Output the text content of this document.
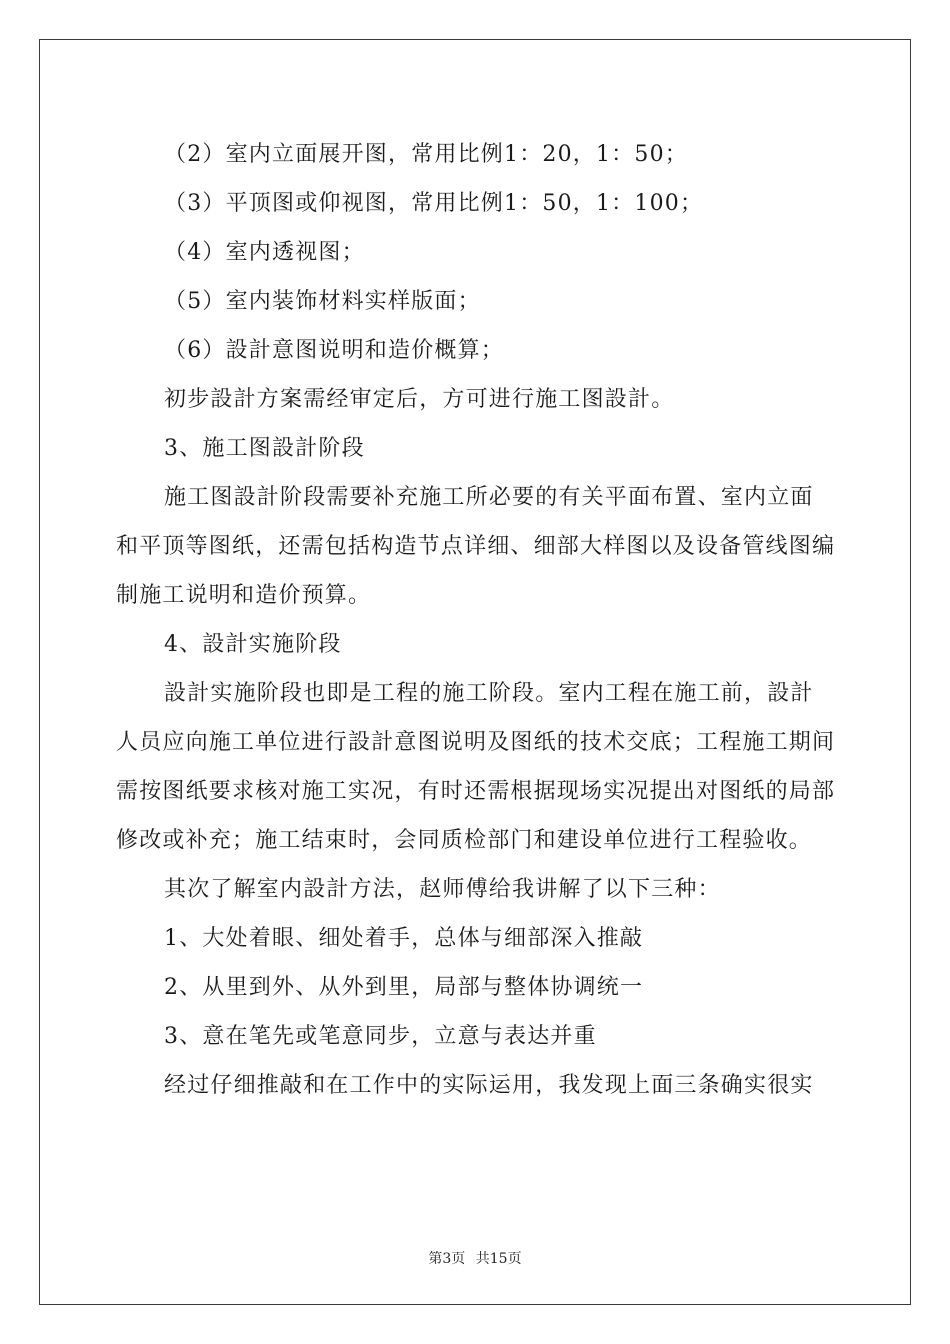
（2）室内立面展开图，常用比例1：20，1：50；

（3）平顶图或仰视图，常用比例1：50，1：100；

（4）室内透视图；

（5）室内装饰材料实样版面；

（6）設計意图说明和造价概算；

初步設計方案需经审定后，方可进行施工图設計。

3、施工图設計阶段

施工图設計阶段需要补充施工所必要的有关平面布置、室内立面和平顶等图纸，还需包括构造节点详细、细部大样图以及设备管线图编制施工说明和造价预算。

4、設計实施阶段

設計实施阶段也即是工程的施工阶段。室内工程在施工前，設計人员应向施工单位进行設計意图说明及图纸的技术交底；工程施工期间需按图纸要求核对施工实况，有时还需根据现场实况提出对图纸的局部修改或补充；施工结束时，会同质检部门和建设单位进行工程验收。

其次了解室内設計方法，赵师傅给我讲解了以下三种：

1、大处着眼、细处着手，总体与细部深入推敲

2、从里到外、从外到里，局部与整体协调统一

3、意在笔先或笔意同步，立意与表达并重

经过仔细推敲和在工作中的实际运用，我发现上面三条确实很实

第3页 共15页
